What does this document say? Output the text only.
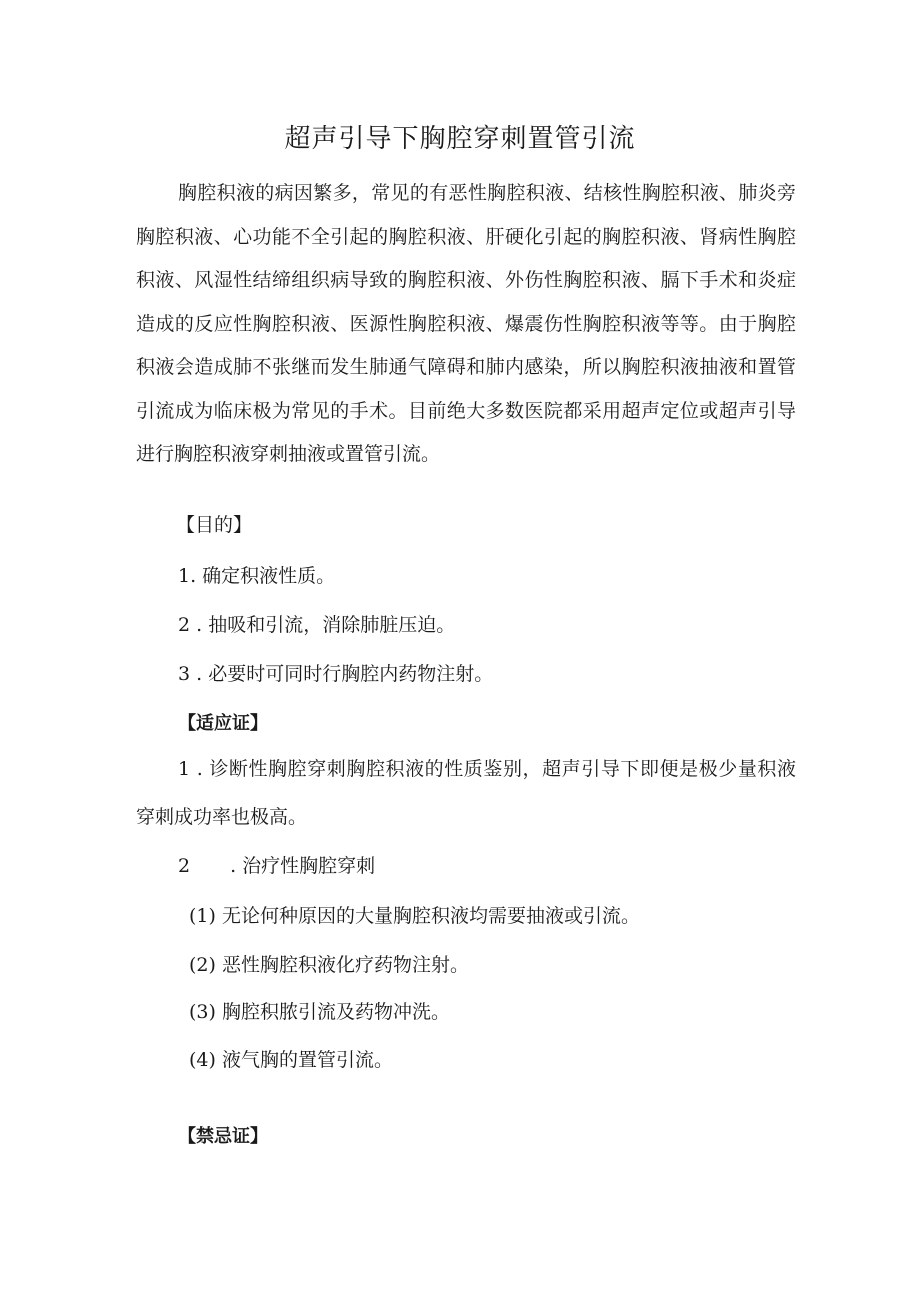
超声引导下胸腔穿刺置管引流

胸腔积液的病因繁多，常见的有恶性胸腔积液、结核性胸腔积液、肺炎旁胸腔积液、心功能不全引起的胸腔积液、肝硬化引起的胸腔积液、肾病性胸腔积液、风湿性结缔组织病导致的胸腔积液、外伤性胸腔积液、膈下手术和炎症造成的反应性胸腔积液、医源性胸腔积液、爆震伤性胸腔积液等等。由于胸腔积液会造成肺不张继而发生肺通气障碍和肺内感染，所以胸腔积液抽液和置管引流成为临床极为常见的手术。目前绝大多数医院都采用超声定位或超声引导进行胸腔积液穿刺抽液或置管引流。

【目的】

1. 确定积液性质。

2 . 抽吸和引流，消除肺脏压迫。

3 . 必要时可同时行胸腔内药物注射。

【适应证】

1 . 诊断性胸腔穿刺胸腔积液的性质鉴别，超声引导下即便是极少量积液穿刺成功率也极高。

2 . 治疗性胸腔穿刺

(1) 无论何种原因的大量胸腔积液均需要抽液或引流。

(2) 恶性胸腔积液化疗药物注射。

(3) 胸腔积脓引流及药物冲洗。

(4) 液气胸的置管引流。

【禁忌证】
